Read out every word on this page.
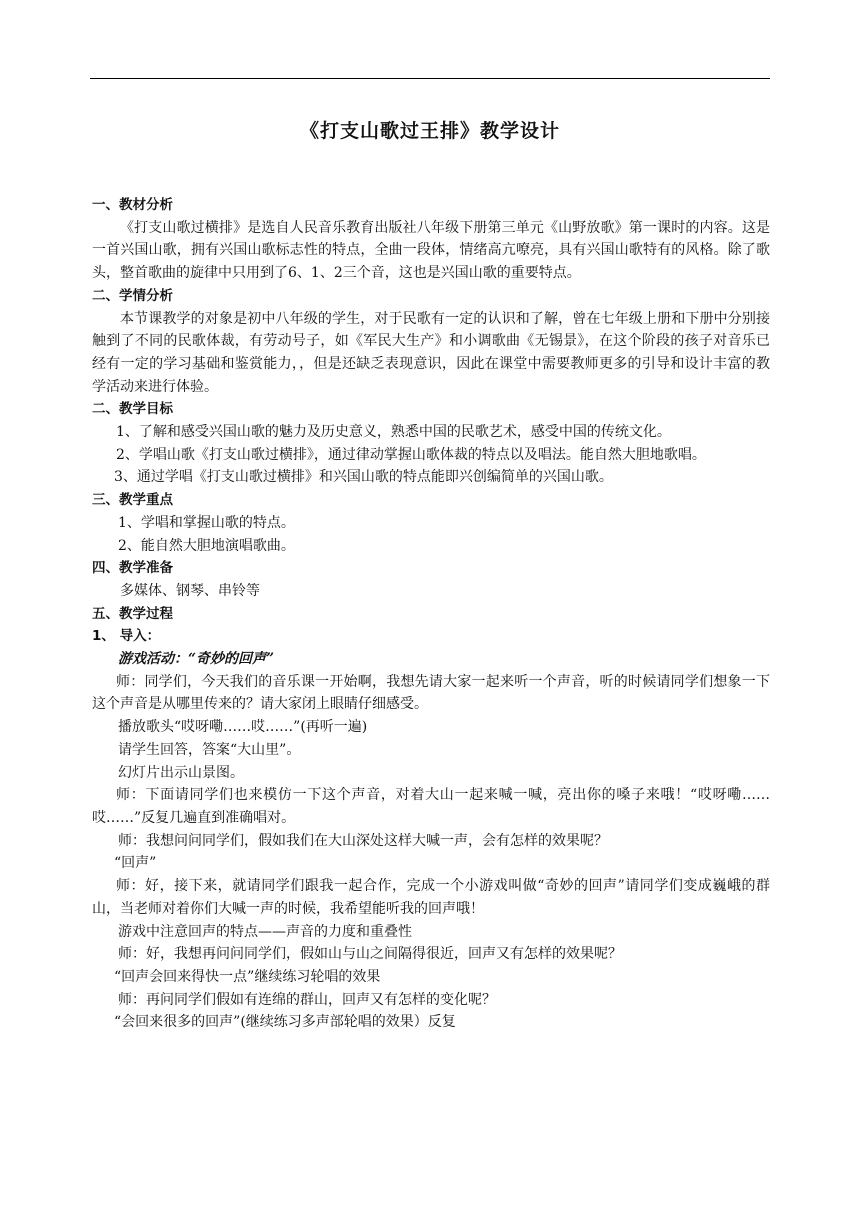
《打支山歌过王排》教学设计
一、教材分析
《打支山歌过横排》是选自人民音乐教育出版社八年级下册第三单元《山野放歌》第一课时的内容。这是一首兴国山歌，拥有兴国山歌标志性的特点，全曲一段体，情绪高亢嘹亮，具有兴国山歌特有的风格。除了歌头，整首歌曲的旋律中只用到了6、1、2三个音，这也是兴国山歌的重要特点。
二、学情分析
本节课教学的对象是初中八年级的学生，对于民歌有一定的认识和了解，曾在七年级上册和下册中分别接触到了不同的民歌体裁，有劳动号子，如《军民大生产》和小调歌曲《无锡景》，在这个阶段的孩子对音乐已经有一定的学习基础和鉴赏能力，，但是还缺乏表现意识，因此在课堂中需要教师更多的引导和设计丰富的教学活动来进行体验。
二、教学目标
1、了解和感受兴国山歌的魅力及历史意义，熟悉中国的民歌艺术，感受中国的传统文化。
2、学唱山歌《打支山歌过横排》，通过律动掌握山歌体裁的特点以及唱法。能自然大胆地歌唱。
3、通过学唱《打支山歌过横排》和兴国山歌的特点能即兴创编简单的兴国山歌。
三、教学重点
1、学唱和掌握山歌的特点。
2、能自然大胆地演唱歌曲。
四、教学准备
多媒体、钢琴、串铃等
五、教学过程
1、 导入：
游戏活动：“奇妙的回声”
师：同学们，今天我们的音乐课一开始啊，我想先请大家一起来听一个声音，听的时候请同学们想象一下这个声音是从哪里传来的？请大家闭上眼睛仔细感受。
播放歌头“哎呀嘞……哎……”(再听一遍)
请学生回答，答案“大山里”。
幻灯片出示山景图。
师：下面请同学们也来模仿一下这个声音，对着大山一起来喊一喊，亮出你的嗓子来哦！“哎呀嘞……哎……”反复几遍直到准确唱对。
师：我想问问同学们，假如我们在大山深处这样大喊一声，会有怎样的效果呢？
“回声”
师：好，接下来，就请同学们跟我一起合作，完成一个小游戏叫做“奇妙的回声”请同学们变成巍峨的群山，当老师对着你们大喊一声的时候，我希望能听我的回声哦！
游戏中注意回声的特点——声音的力度和重叠性
师：好，我想再问问同学们，假如山与山之间隔得很近，回声又有怎样的效果呢？
“回声会回来得快一点”继续练习轮唱的效果
师：再问同学们假如有连绵的群山，回声又有怎样的变化呢？
“会回来很多的回声”(继续练习多声部轮唱的效果）反复
